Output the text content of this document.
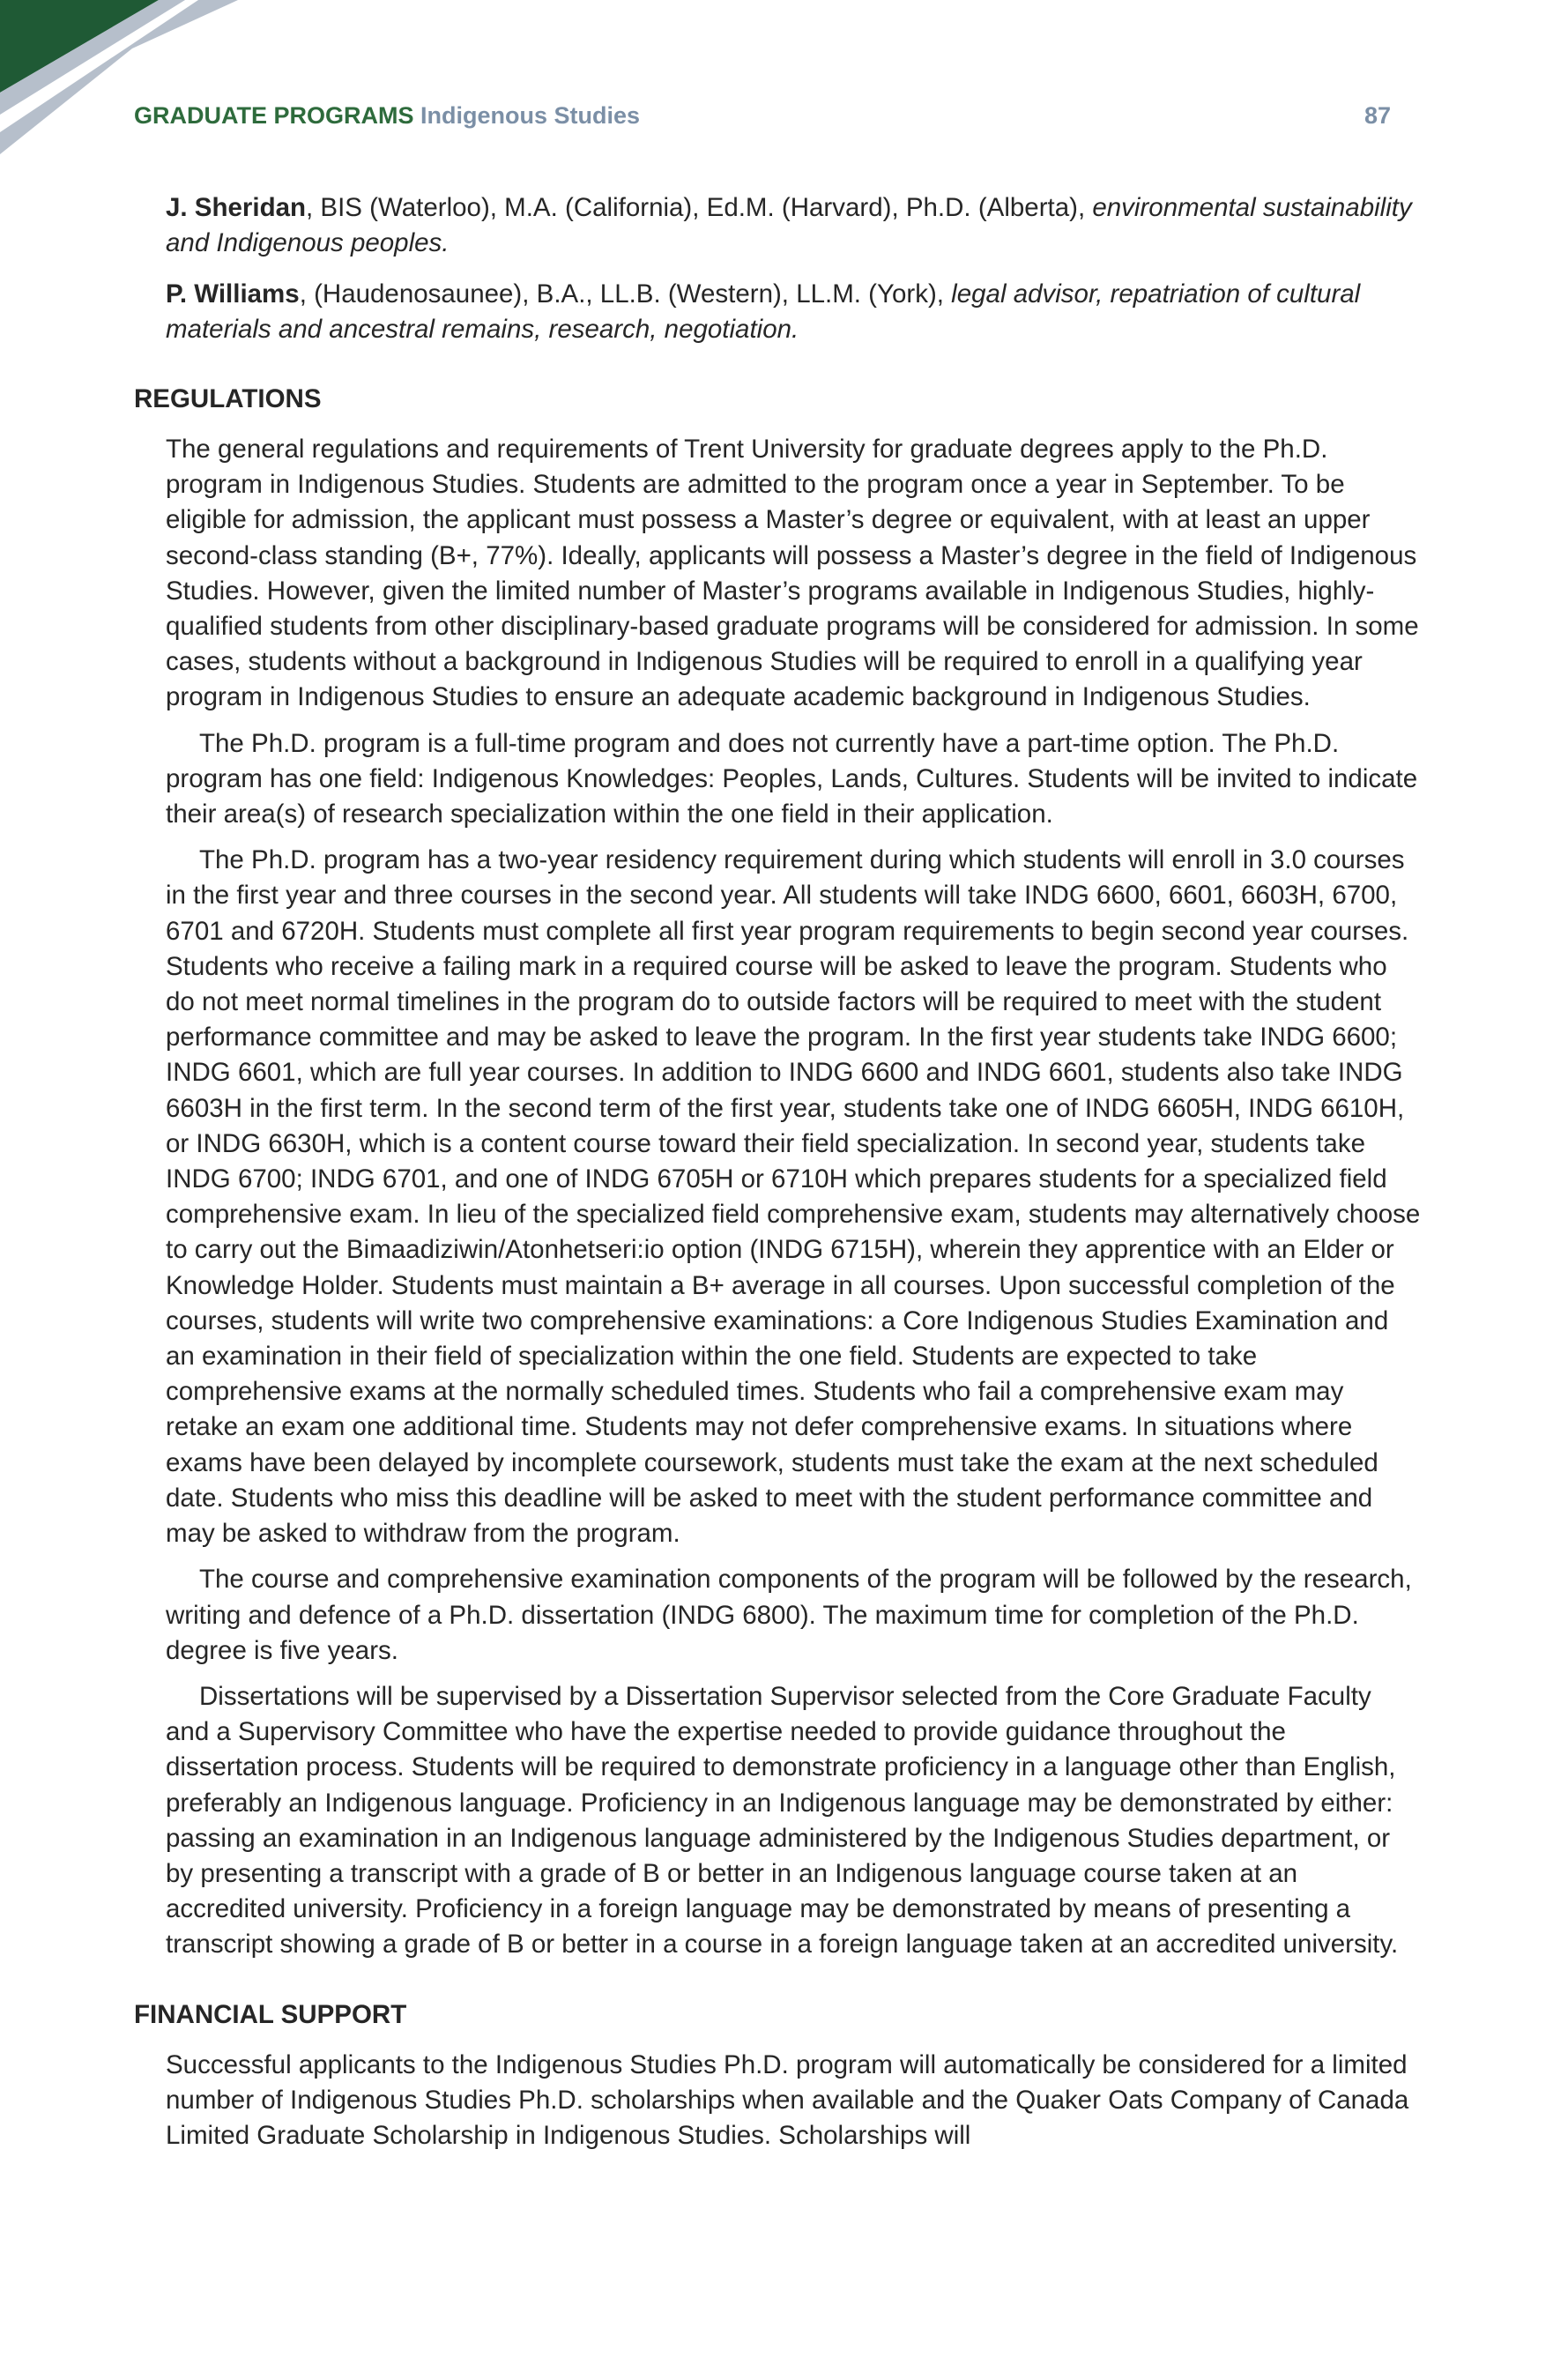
GRADUATE PROGRAMS Indigenous Studies	87

J. Sheridan, BIS (Waterloo), M.A. (California), Ed.M. (Harvard), Ph.D. (Alberta), environmental sustainability and Indigenous peoples.

P. Williams, (Haudenosaunee), B.A., LL.B. (Western), LL.M. (York), legal advisor, repatriation of cultural materials and ancestral remains, research, negotiation.

REGULATIONS

The general regulations and requirements of Trent University for graduate degrees apply to the Ph.D. program in Indigenous Studies. Students are admitted to the program once a year in September. To be eligible for admission, the applicant must possess a Master’s degree or equivalent, with at least an upper second-class standing (B+, 77%). Ideally, applicants will possess a Master’s degree in the field of Indigenous Studies. However, given the limited number of Master’s programs available in Indigenous Studies, highly-qualified students from other disciplinary-based graduate programs will be considered for admission. In some cases, students without a background in Indigenous Studies will be required to enroll in a qualifying year program in Indigenous Studies to ensure an adequate academic background in Indigenous Studies.

The Ph.D. program is a full-time program and does not currently have a part-time option. The Ph.D. program has one field: Indigenous Knowledges: Peoples, Lands, Cultures. Students will be invited to indicate their area(s) of research specialization within the one field in their application.

The Ph.D. program has a two-year residency requirement during which students will enroll in 3.0 courses in the first year and three courses in the second year. All students will take INDG 6600, 6601, 6603H, 6700, 6701 and 6720H. Students must complete all first year program requirements to begin second year courses. Students who receive a failing mark in a required course will be asked to leave the program. Students who do not meet normal timelines in the program do to outside factors will be required to meet with the student performance committee and may be asked to leave the program. In the first year students take INDG 6600; INDG 6601, which are full year courses. In addition to INDG 6600 and INDG 6601, students also take INDG 6603H in the first term. In the second term of the first year, students take one of INDG 6605H, INDG 6610H, or INDG 6630H, which is a content course toward their field specialization. In second year, students take INDG 6700; INDG 6701, and one of INDG 6705H or 6710H which prepares students for a specialized field comprehensive exam. In lieu of the specialized field comprehensive exam, students may alternatively choose to carry out the Bimaadiziwin/Atonhetseri:io option (INDG 6715H), wherein they apprentice with an Elder or Knowledge Holder. Students must maintain a B+ average in all courses. Upon successful completion of the courses, students will write two comprehensive examinations: a Core Indigenous Studies Examination and an examination in their field of specialization within the one field. Students are expected to take comprehensive exams at the normally scheduled times. Students who fail a comprehensive exam may retake an exam one additional time. Students may not defer comprehensive exams. In situations where exams have been delayed by incomplete coursework, students must take the exam at the next scheduled date. Students who miss this deadline will be asked to meet with the student performance committee and may be asked to withdraw from the program.

The course and comprehensive examination components of the program will be followed by the research, writing and defence of a Ph.D. dissertation (INDG 6800). The maximum time for completion of the Ph.D. degree is five years.

Dissertations will be supervised by a Dissertation Supervisor selected from the Core Graduate Faculty and a Supervisory Committee who have the expertise needed to provide guidance throughout the dissertation process. Students will be required to demonstrate proficiency in a language other than English, preferably an Indigenous language. Proficiency in an Indigenous language may be demonstrated by either: passing an examination in an Indigenous language administered by the Indigenous Studies department, or by presenting a transcript with a grade of B or better in an Indigenous language course taken at an accredited university. Proficiency in a foreign language may be demonstrated by means of presenting a transcript showing a grade of B or better in a course in a foreign language taken at an accredited university.

FINANCIAL SUPPORT

Successful applicants to the Indigenous Studies Ph.D. program will automatically be considered for a limited number of Indigenous Studies Ph.D. scholarships when available and the Quaker Oats Company of Canada Limited Graduate Scholarship in Indigenous Studies. Scholarships will
